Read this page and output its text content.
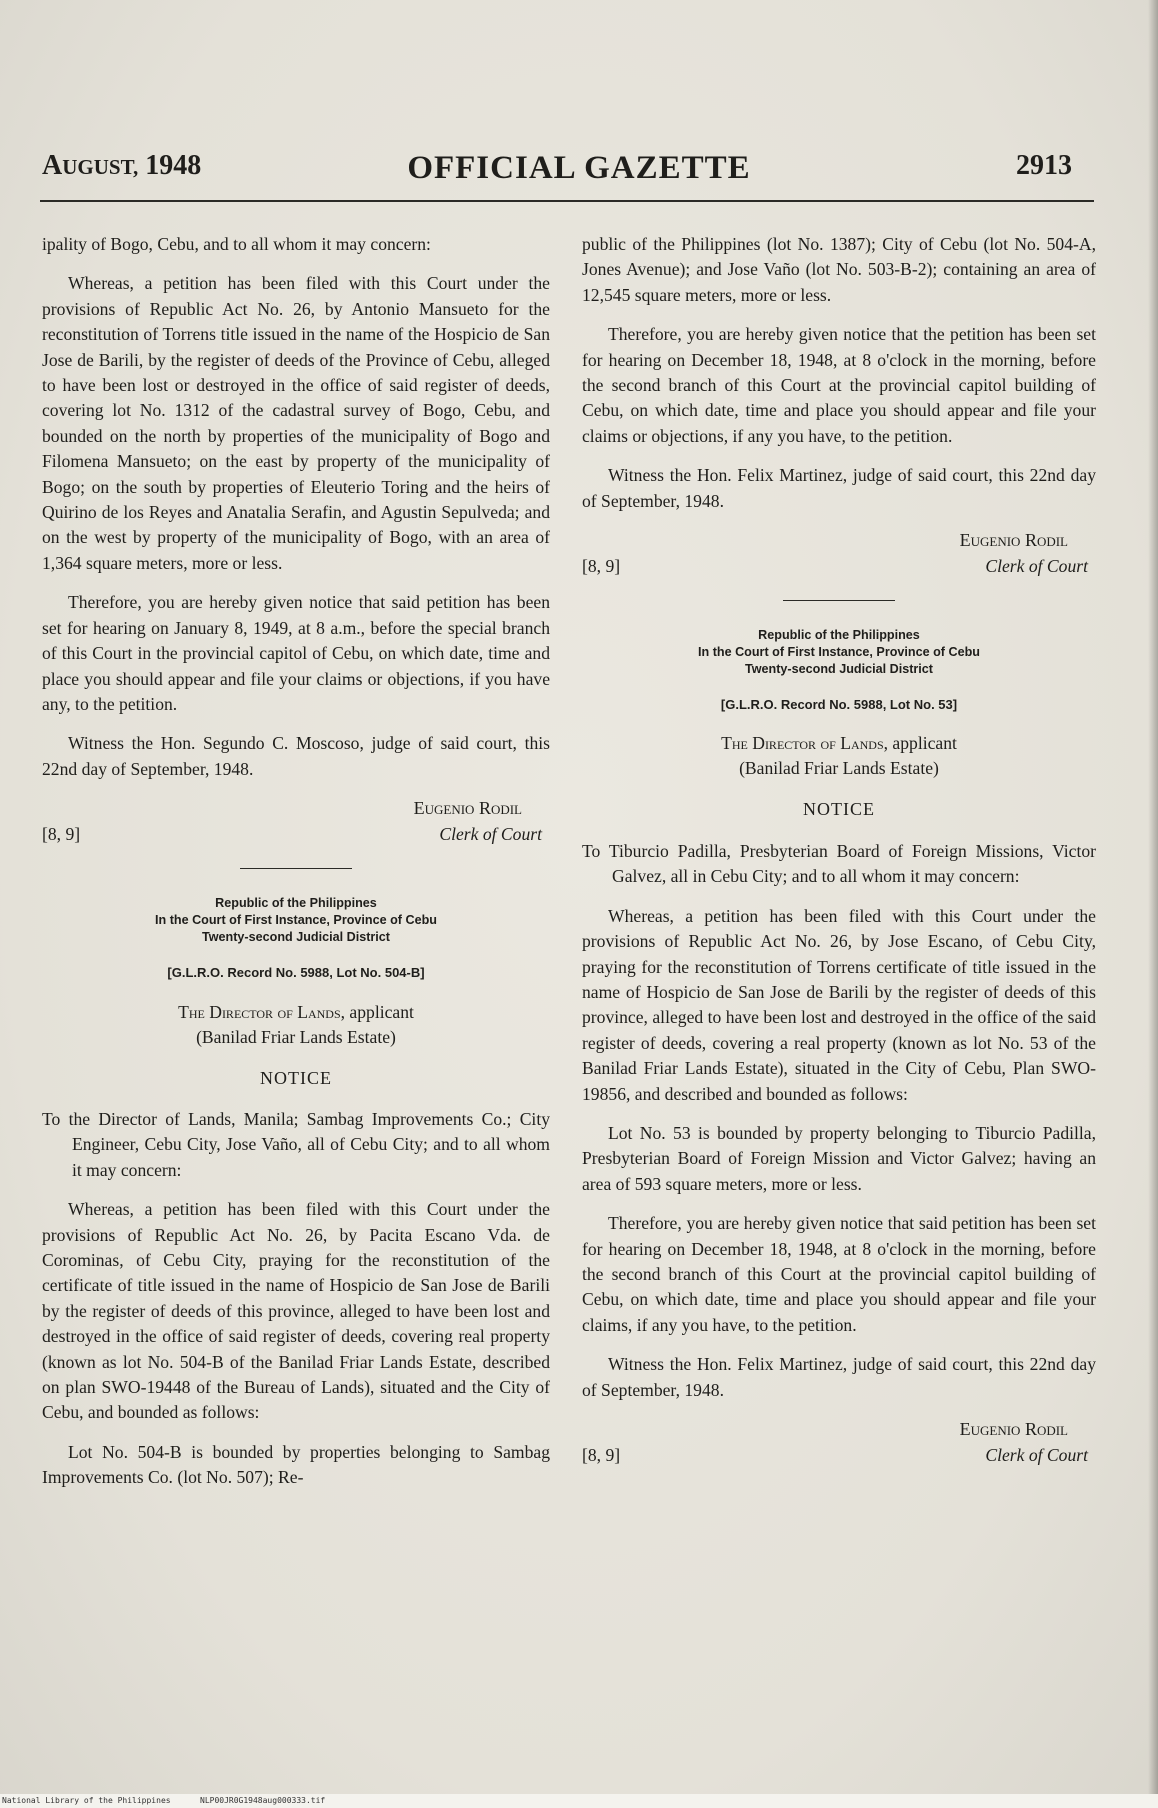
AUGUST, 1948	OFFICIAL GAZETTE	2913

ipality of Bogo, Cebu, and to all whom it may concern:

Whereas, a petition has been filed with this Court under the provisions of Republic Act No. 26, by Antonio Mansueto for the reconstitution of Torrens title issued in the name of the Hospicio de San Jose de Barili, by the register of deeds of the Province of Cebu, alleged to have been lost or destroyed in the office of said register of deeds, covering lot No. 1312 of the cadastral survey of Bogo, Cebu, and bounded on the north by properties of the municipality of Bogo and Filomena Mansueto; on the east by property of the municipality of Bogo; on the south by properties of Eleuterio Toring and the heirs of Quirino de los Reyes and Anatalia Serafin, and Agustin Sepulveda; and on the west by property of the municipality of Bogo, with an area of 1,364 square meters, more or less.

Therefore, you are hereby given notice that said petition has been set for hearing on January 8, 1949, at 8 a.m., before the special branch of this Court in the provincial capitol of Cebu, on which date, time and place you should appear and file your claims or objections, if you have any, to the petition.

Witness the Hon. Segundo C. Moscoso, judge of said court, this 22nd day of September, 1948.

Eugenio Rodil
[8, 9]	Clerk of Court
Republic of the Philippines
In the Court of First Instance, Province of Cebu
Twenty-second Judicial District
[G.L.R.O. Record No. 5988, Lot No. 504-B]
The Director of Lands, applicant
(Banilad Friar Lands Estate)
NOTICE

To the Director of Lands, Manila; Sambag Improvements Co.; City Engineer, Cebu City, Jose Vaño, all of Cebu City; and to all whom it may concern:

Whereas, a petition has been filed with this Court under the provisions of Republic Act No. 26, by Pacita Escano Vda. de Corominas, of Cebu City, praying for the reconstitution of the certificate of title issued in the name of Hospicio de San Jose de Barili by the register of deeds of this province, alleged to have been lost and destroyed in the office of said register of deeds, covering real property (known as lot No. 504-B of the Banilad Friar Lands Estate, described on plan SWO-19448 of the Bureau of Lands), situated and the City of Cebu, and bounded as follows:

Lot No. 504-B is bounded by properties belonging to Sambag Improvements Co. (lot No. 507); Re-

public of the Philippines (lot No. 1387); City of Cebu (lot No. 504-A, Jones Avenue); and Jose Vaño (lot No. 503-B-2); containing an area of 12,545 square meters, more or less.

Therefore, you are hereby given notice that the petition has been set for hearing on December 18, 1948, at 8 o'clock in the morning, before the second branch of this Court at the provincial capitol building of Cebu, on which date, time and place you should appear and file your claims or objections, if any you have, to the petition.

Witness the Hon. Felix Martinez, judge of said court, this 22nd day of September, 1948.

Eugenio Rodil
[8, 9]	Clerk of Court
Republic of the Philippines
In the Court of First Instance, Province of Cebu
Twenty-second Judicial District
[G.L.R.O. Record No. 5988, Lot No. 53]
The Director of Lands, applicant
(Banilad Friar Lands Estate)
NOTICE

To Tiburcio Padilla, Presbyterian Board of Foreign Missions, Victor Galvez, all in Cebu City; and to all whom it may concern:

Whereas, a petition has been filed with this Court under the provisions of Republic Act No. 26, by Jose Escano, of Cebu City, praying for the reconstitution of Torrens certificate of title issued in the name of Hospicio de San Jose de Barili by the register of deeds of this province, alleged to have been lost and destroyed in the office of the said register of deeds, covering a real property (known as lot No. 53 of the Banilad Friar Lands Estate), situated in the City of Cebu, Plan SWO-19856, and described and bounded as follows:

Lot No. 53 is bounded by property belonging to Tiburcio Padilla, Presbyterian Board of Foreign Mission and Victor Galvez; having an area of 593 square meters, more or less.

Therefore, you are hereby given notice that said petition has been set for hearing on December 18, 1948, at 8 o'clock in the morning, before the second branch of this Court at the provincial capitol building of Cebu, on which date, time and place you should appear and file your claims, if any you have, to the petition.

Witness the Hon. Felix Martinez, judge of said court, this 22nd day of September, 1948.

Eugenio Rodil
[8, 9]	Clerk of Court
National Library of the Philippines	NLP00JR0G1948aug000333.tif
